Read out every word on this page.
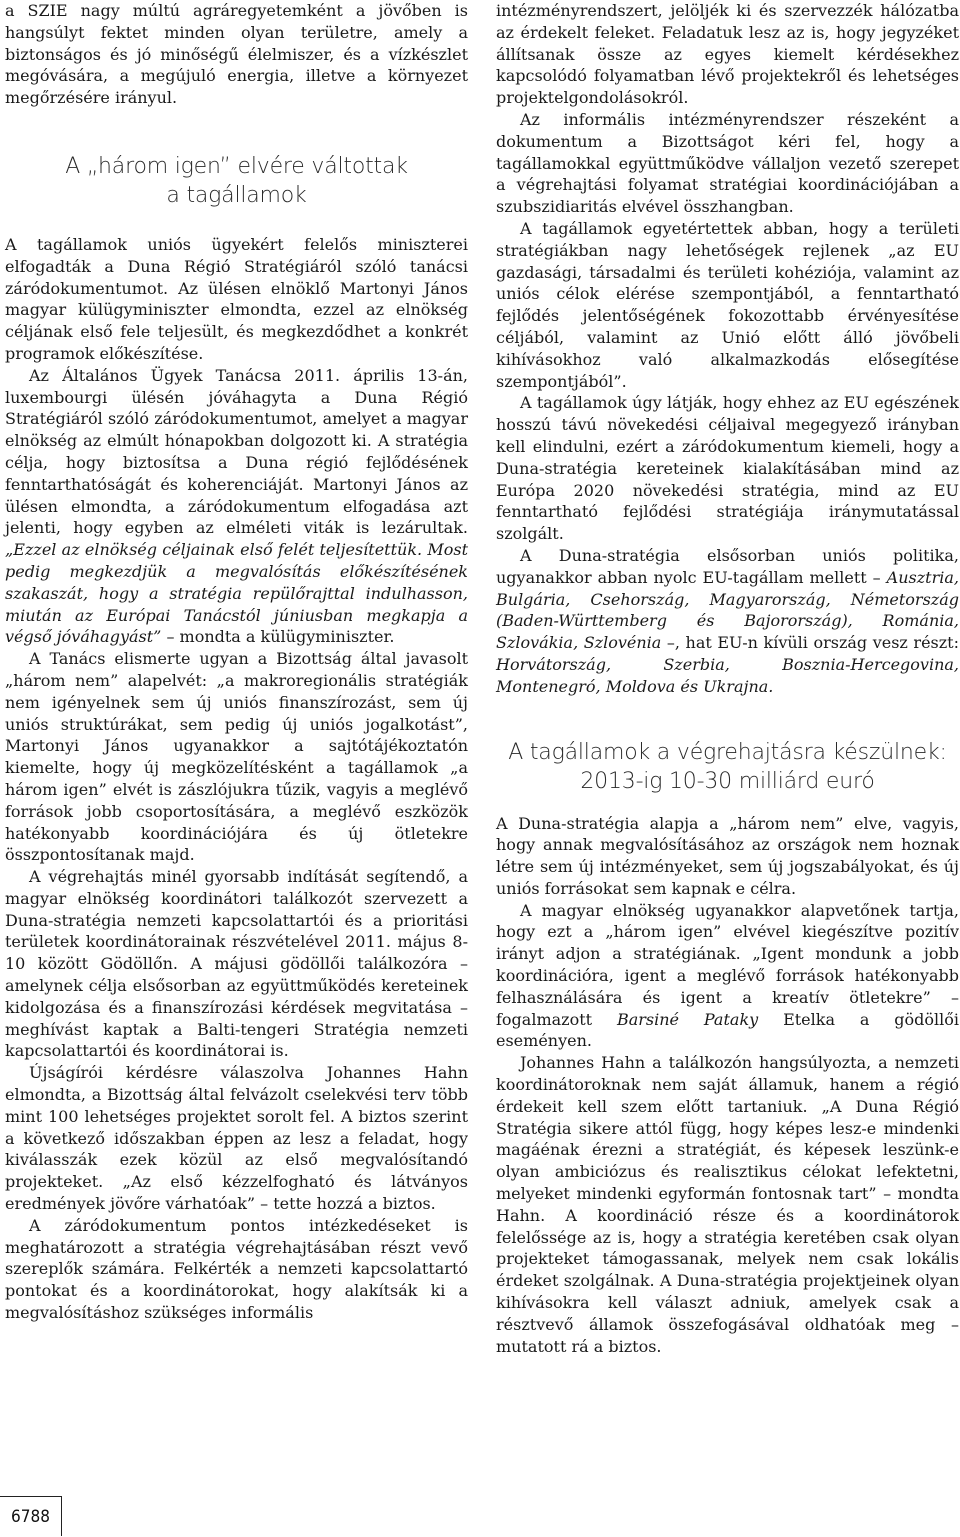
a SZIE nagy múltú agráregyetemként a jövőben is hangsúlyt fektet minden olyan területre, amely a biztonságos és jó minőségű élelmiszer, és a vízkészlet megóvására, a megújuló energia, illetve a környezet megőrzésére irányul.

A „három igen” elvére váltottak
a tagállamok

A tagállamok uniós ügyekért felelős miniszterei elfogadták a Duna Régió Stratégiáról szóló tanácsi záródokumentumot. Az ülésen elnöklő Martonyi János magyar külügyminiszter elmondta, ezzel az elnökség céljának első fele teljesült, és megkezdődhet a konkrét programok előkészítése.

Az Általános Ügyek Tanácsa 2011. április 13-án, luxembourgi ülésén jóváhagyta a Duna Régió Stratégiáról szóló záródokumentumot, amelyet a magyar elnökség az elmúlt hónapokban dolgozott ki. A stratégia célja, hogy biztosítsa a Duna régió fejlődésének fenntarthatóságát és koherenciáját. Martonyi János az ülésen elmondta, a záródokumentum elfogadása azt jelenti, hogy egyben az elméleti viták is lezárultak. „Ezzel az elnökség céljainak első felét teljesítettük. Most pedig megkezdjük a megvalósítás előkészítésének szakaszát, hogy a stratégia repülőrajttal indulhasson, miután az Európai Tanácstól júniusban megkapja a végső jóváhagyást” – mondta a külügyminiszter.

A Tanács elismerte ugyan a Bizottság által javasolt „három nem” alapelvét: „a makroregionális stratégiák nem igényelnek sem új uniós finanszírozást, sem új uniós struktúrákat, sem pedig új uniós jogalkotást”, Martonyi János ugyanakkor a sajtótájékoztatón kiemelte, hogy új megközelítésként a tagállamok „a három igen” elvét is zászlójukra tűzik, vagyis a meglévő források jobb csoportosítására, a meglévő eszközök hatékonyabb koordinációjára és új ötletekre összpontosítanak majd.

A végrehajtás minél gyorsabb indítását segítendő, a magyar elnökség koordinátori találkozót szervezett a Duna-stratégia nemzeti kapcsolattartói és a prioritási területek koordinátorainak részvételével 2011. május 8-10 között Gödöllőn. A májusi gödöllői találkozóra – amelynek célja elsősorban az együttműködés kereteinek kidolgozása és a finanszírozási kérdések megvitatása – meghívást kaptak a Balti-tengeri Stratégia nemzeti kapcsolattartói és koordinátorai is.

Újságírói kérdésre válaszolva Johannes Hahn elmondta, a Bizottság által felvázolt cselekvési terv több mint 100 lehetséges projektet sorolt fel. A biztos szerint a következő időszakban éppen az lesz a feladat, hogy kiválasszák ezek közül az első megvalósítandó projekteket. „Az első kézzelfogható és látványos eredmények jövőre várhatóak” – tette hozzá a biztos.

A záródokumentum pontos intézkedéseket is meghatározott a stratégia végrehajtásában részt vevő szereplők számára. Felkérték a nemzeti kapcsolattartó pontokat és a koordinátorokat, hogy alakítsák ki a megvalósításhoz szükséges informális

intézményrendszert, jelöljék ki és szervezzék hálózatba az érdekelt feleket. Feladatuk lesz az is, hogy jegyzéket állítsanak össze az egyes kiemelt kérdésekhez kapcsolódó folyamatban lévő projektekről és lehetséges projektelgondolásokról.

Az informális intézményrendszer részeként a dokumentum a Bizottságot kéri fel, hogy a tagállamokkal együttműködve vállaljon vezető szerepet a végrehajtási folyamat stratégiai koordinációjában a szubszidiaritás elvével összhangban.

A tagállamok egyetértettek abban, hogy a területi stratégiákban nagy lehetőségek rejlenek „az EU gazdasági, társadalmi és területi kohéziója, valamint az uniós célok elérése szempontjából, a fenntartható fejlődés jelentőségének fokozottabb érvényesítése céljából, valamint az Unió előtt álló jövőbeli kihívásokhoz való alkalmazkodás elősegítése szempontjából”.

A tagállamok úgy látják, hogy ehhez az EU egészének hosszú távú növekedési céljaival megegyező irányban kell elindulni, ezért a záródokumentum kiemeli, hogy a Duna-stratégia kereteinek kialakításában mind az Európa 2020 növekedési stratégia, mind az EU fenntartható fejlődési stratégiája iránymutatással szolgált.

A Duna-stratégia elsősorban uniós politika, ugyanakkor abban nyolc EU-tagállam mellett – Ausztria, Bulgária, Csehország, Magyarország, Németország (Baden-Württemberg és Bajorország), Románia, Szlovákia, Szlovénia –, hat EU-n kívüli ország vesz részt: Horvátország, Szerbia, Bosznia-Hercegovina, Montenegró, Moldova és Ukrajna.

A tagállamok a végrehajtásra készülnek:
2013-ig 10-30 milliárd euró

A Duna-stratégia alapja a „három nem” elve, vagyis, hogy annak megvalósításához az országok nem hoznak létre sem új intézményeket, sem új jogszabályokat, és új uniós forrásokat sem kapnak e célra.

A magyar elnökség ugyanakkor alapvetőnek tartja, hogy ezt a „három igen” elvével kiegészítve pozitív irányt adjon a stratégiának. „Igent mondunk a jobb koordinációra, igent a meglévő források hatékonyabb felhasználására és igent a kreatív ötletekre” – fogalmazott Barsiné Pataky Etelka a gödöllői eseményen.

Johannes Hahn a találkozón hangsúlyozta, a nemzeti koordinátoroknak nem saját államuk, hanem a régió érdekeit kell szem előtt tartaniuk. „A Duna Régió Stratégia sikere attól függ, hogy képes lesz-e mindenki magáénak érezni a stratégiát, és képesek leszünk-e olyan ambiciózus és realisztikus célokat lefektetni, melyeket mindenki egyformán fontosnak tart” – mondta Hahn. A koordináció része és a koordinátorok felelőssége az is, hogy a stratégia keretében csak olyan projekteket támogassanak, melyek nem csak lokális érdeket szolgálnak. A Duna-stratégia projektjeinek olyan kihívásokra kell választ adniuk, amelyek csak a résztvevő államok összefogásával oldhatóak meg – mutatott rá a biztos.

6788
